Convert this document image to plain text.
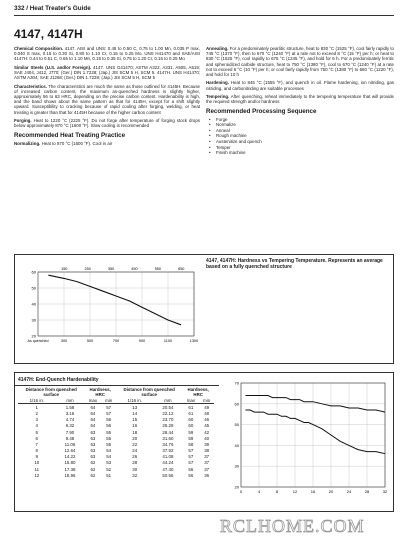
332 / Heat Treater's Guide
4147, 4147H

Chemical Composition. 4147. AISI and UNS: 0.45 to 0.50 C, 0.75 to 1.00 Mn, 0.035 P max, 0.040 S max, 0.15 to 0.30 Si, 0.80 to 1.10 Cr, 0.15 to 0.25 Mo. UNS H41470 and SAE/AISI 4147H: 0.44 to 0.51 C, 0.65 to 1.10 Mn, 0.15 to 0.35 Si, 0.75 to 1.20 Cr, 0.15 to 0.25 Mo

Similar Steels (U.S. and/or Foreign). 4147. UNS G41470; ASTM A322, A331, A505, A519; SAE J404, J412, J770; (Ger.) DIN 1.7228; (Jap.) JIS SCM 5 H, SCM 5. 4147H. UNS H41470; ASTM A304; SAE J1268; (Ger.) DIN 1.7228; (Jap.) JIS SCM 5 H, SCM 5

Characteristics. The characteristics are much the same as those outlined for 4145H. Because of increased carbon content, the maximum as-quenched hardness is slightly higher, approximately 56 to 63 HRC, depending on the precise carbon content. Hardenability is high, and the band shows about the same pattern as that for 4145H, except for a shift slightly upward. Susceptibility to cracking because of rapid cooling after forging, welding, or heat treating is greater than that for 4145H because of the higher carbon content

Forging. Heat to 1220 °C (2225 °F). Do not forge after temperature of forging stock drops below approximately 870 °C (1600 °F). Slow cooling is recommended

Recommended Heat Treating Practice

Normalizing. Heat to 870 °C (1600 °F). Cool in air

Annealing. For a predominately pearlitic structure, heat to 830 °C (1525 °F), cool fairly rapidly to 745 °C (1370 °F), then to 670 °C (1240 °F) at a rate not to exceed 8 °C (15 °F) per h; or heat to 830 °C (1525 °F), cool rapidly to 675 °C (1245 °F), and hold for 6 h. For a predominately ferritic and spheroidized carbide structure, heat to 750 °C (1380 °F), cool to 670 °C (1240 °F) at a rate not to exceed 6 °C (10 °F) per h; or cool fairly rapidly from 750 °C (1380 °F) to 660 °C (1220 °F), and hold for 10 h

Hardening. Heat to 845 °C (1555 °F), and quench in oil. Flame hardening, ion nitriding, gas nitriding, and carbonitriding are suitable processes

Tempering. After quenching, reheat immediately to the tempering temperature that will provide the required strength and/or hardness

Recommended Processing Sequence
• Forge
• Normalize
• Anneal
• Rough machine
• Austenitize and quench
• Temper
• Finish machine
20
30
40
50
60
As quenched	300	500	700	900	1100	1300
150	250	350	450	550	650
4147, 4147H: Hardness vs Tempering Temperature. Represents an average based on a fully quenched structure
4147H: End-Quench Hardenability
Distance from quenched surface		Hardness, HRC		Distance from quenched surface		Hardness, HRC	
1/16 in.	mm	max	min	1/16 in.	mm	max	min
1	1.58	64	57	13	20.54	61	49
2	3.16	64	57	14	22.12	61	48
3	4.74	64	56	15	23.70	60	46
4	6.32	64	56	16	25.28	60	45
5	7.90	63	55	18	28.44	59	42
6	9.48	63	55	20	31.60	59	40
7	11.06	63	55	22	34.76	58	39
8	12.64	63	54	24	37.92	57	38
9	14.22	63	54	26	41.08	57	37
10	15.80	62	53	28	44.24	57	37
11	17.38	62	52	30	47.40	56	37
12	18.96	62	51	32	50.56	56	36
20
30
40
50
60
70
0	4	8	12	16	20	24	28	32
RCLHOME.COM
